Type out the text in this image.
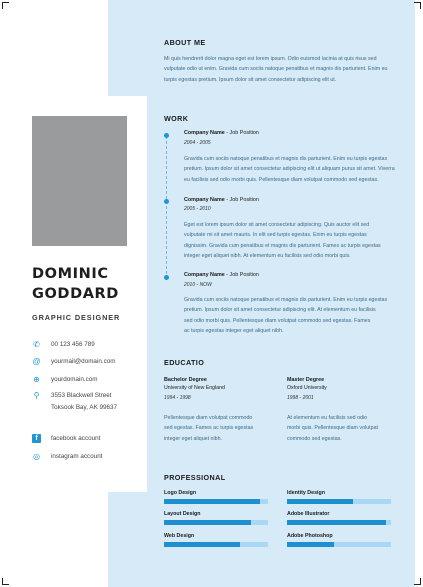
DOMINIC
GODDARD
GRAPHIC DESIGNER
✆ 00 123 456 789
@ yourmail@domain.com
⊕ yourdomain.com
⚲ 3553 Blackwell Street
Toksook Bay, AK 99637
f	facebook account
◎ instagram account
ABOUT ME
Mi quis hendrerit dolor magna eget est lorem ipsum. Odio euismod lacinia at quis risus sed
vulputate odio ut enim. Gravida cum sociis natoque penatibus et magnis dis parturient. Enim eu
turpis egestas pretium. Ipsum dolor sit amet consectetur adipiscing elit ut.
WORK
Company Name - Job Position
2004 - 2005
Gravida cum sociis natoque penatibus et magnis dis parturient. Enim eu turpis egestas
pretium. Ipsum dolor sit amet consectetur adipiscing elit ut aliquam purus sit amet. Viverra
eu facilisis sed odio morbi quis. Pellentesque diam volutpat commodo sed egestas.
Company Name - Job Position
2005 - 2010
Eget est lorem ipsum dolor sit amet consectetur adipiscing. Quis auctor elit sed
vulputate mi sit amet mauris. In elit sed turpis egestas. Enim eu turpis egestas
dignissim. Gravida cum penatibus et magnis dis parturient. Fames ac turpis egestas
integer eget aliquet nibh. At elementum eu facilisis sed odio morbi quis.
Company Name - Job Position
2010 - NOW
Gravida cum sociis natoque penatibus et magnis dis parturient. Enim eu turpis egestas
pretium. Ipsum dolor sit amet consectetur adipiscing elit. At elementum eu facilisis
sed odio morbi quis. Pellentesque diam volutpat commodo sed egestas. Fames
ac turpis egestas integer eget aliquet nibh.
EDUCATIO
Bachelor Degree
University of New England
1994 - 1998
Pellentesque diam volutpat commodo
sed egestas. Fames ac turpis egestas
integer eget aliquet nibh.
Master Degree
Oxford University
1998 - 2001
At elementum eu facilisis sed odio
morbi quis. Pellentesque diam volutpat
commodo sed egestas.
PROFESSIONAL
Logo Design	Identity Design
Layout Design	Adobe Illustrator
Web Design	Adobe Photoshop
